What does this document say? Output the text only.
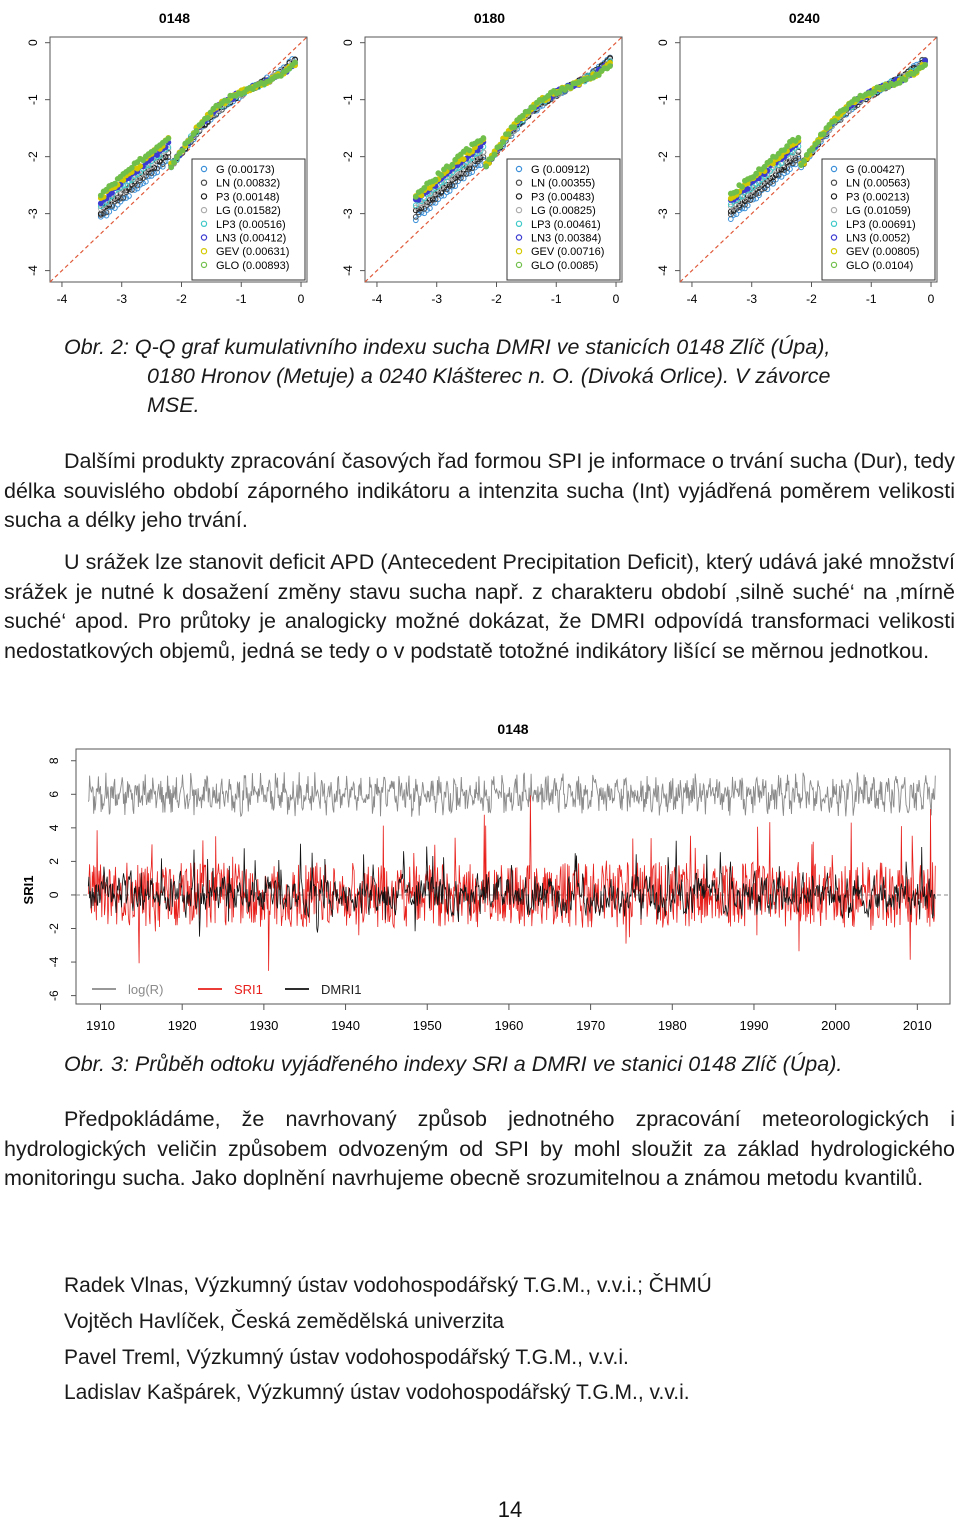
0148
-4	-3	-2	-1	0
-4
-3
-2
-1
0
G (0.00173)
LN (0.00832)
P3 (0.00148)
LG (0.01582)
LP3 (0.00516)
LN3 (0.00412)
GEV (0.00631)
GLO (0.00893)
0180
-4	-3	-2	-1	0
-4
-3
-2
-1
0
G (0.00912)
LN (0.00355)
P3 (0.00483)
LG (0.00825)
LP3 (0.00461)
LN3 (0.00384)
GEV (0.00716)
GLO (0.0085)
0240
-4	-3	-2	-1	0
-4
-3
-2
-1
0
G (0.00427)
LN (0.00563)
P3 (0.00213)
LG (0.01059)
LP3 (0.00691)
LN3 (0.0052)
GEV (0.00805)
GLO (0.0104)
Obr. 2: Q-Q graf kumulativního indexu sucha DMRI ve stanicích 0148 Zlíč (Úpa),
0180 Hronov (Metuje) a 0240 Klášterec n. O. (Divoká Orlice). V závorce
MSE.
Dalšími produkty zpracování časových řad formou SPI je informace o trvání sucha (Dur), tedy délka souvislého období záporného indikátoru a intenzita sucha (Int) vyjádřená poměrem velikosti sucha a délky jeho trvání.
U srážek lze stanovit deficit APD (Antecedent Precipitation Deficit), který udává jaké množství srážek je nutné k dosažení změny stavu sucha např. z charakteru období ‚silně suché‘ na ‚mírně suché‘ apod. Pro průtoky je analogicky možné dokázat, že DMRI odpovídá transformaci velikosti nedostatkových objemů, jedná se tedy o v podstatě totožné indikátory lišící se měrnou jednotkou.
0148
SRI1
-6
-4
-2
0
2
4
6
8
1910	1920	1930	1940	1950	1960	1970	1980	1990	2000	2010
log(R)	SRI1	DMRI1
Obr. 3: Průběh odtoku vyjádřeného indexy SRI a DMRI ve stanici 0148 Zlíč (Úpa).
Předpokládáme, že navrhovaný způsob jednotného zpracování meteorologických i hydrologických veličin způsobem odvozeným od SPI by mohl sloužit za základ hydrologického monitoringu sucha. Jako doplnění navrhujeme obecně srozumitelnou a známou metodu kvantilů.
Radek Vlnas, Výzkumný ústav vodohospodářský T.G.M., v.v.i.; ČHMÚ
Vojtěch Havlíček, Česká zemědělská univerzita
Pavel Treml, Výzkumný ústav vodohospodářský T.G.M., v.v.i.
Ladislav Kašpárek, Výzkumný ústav vodohospodářský T.G.M., v.v.i.
14
